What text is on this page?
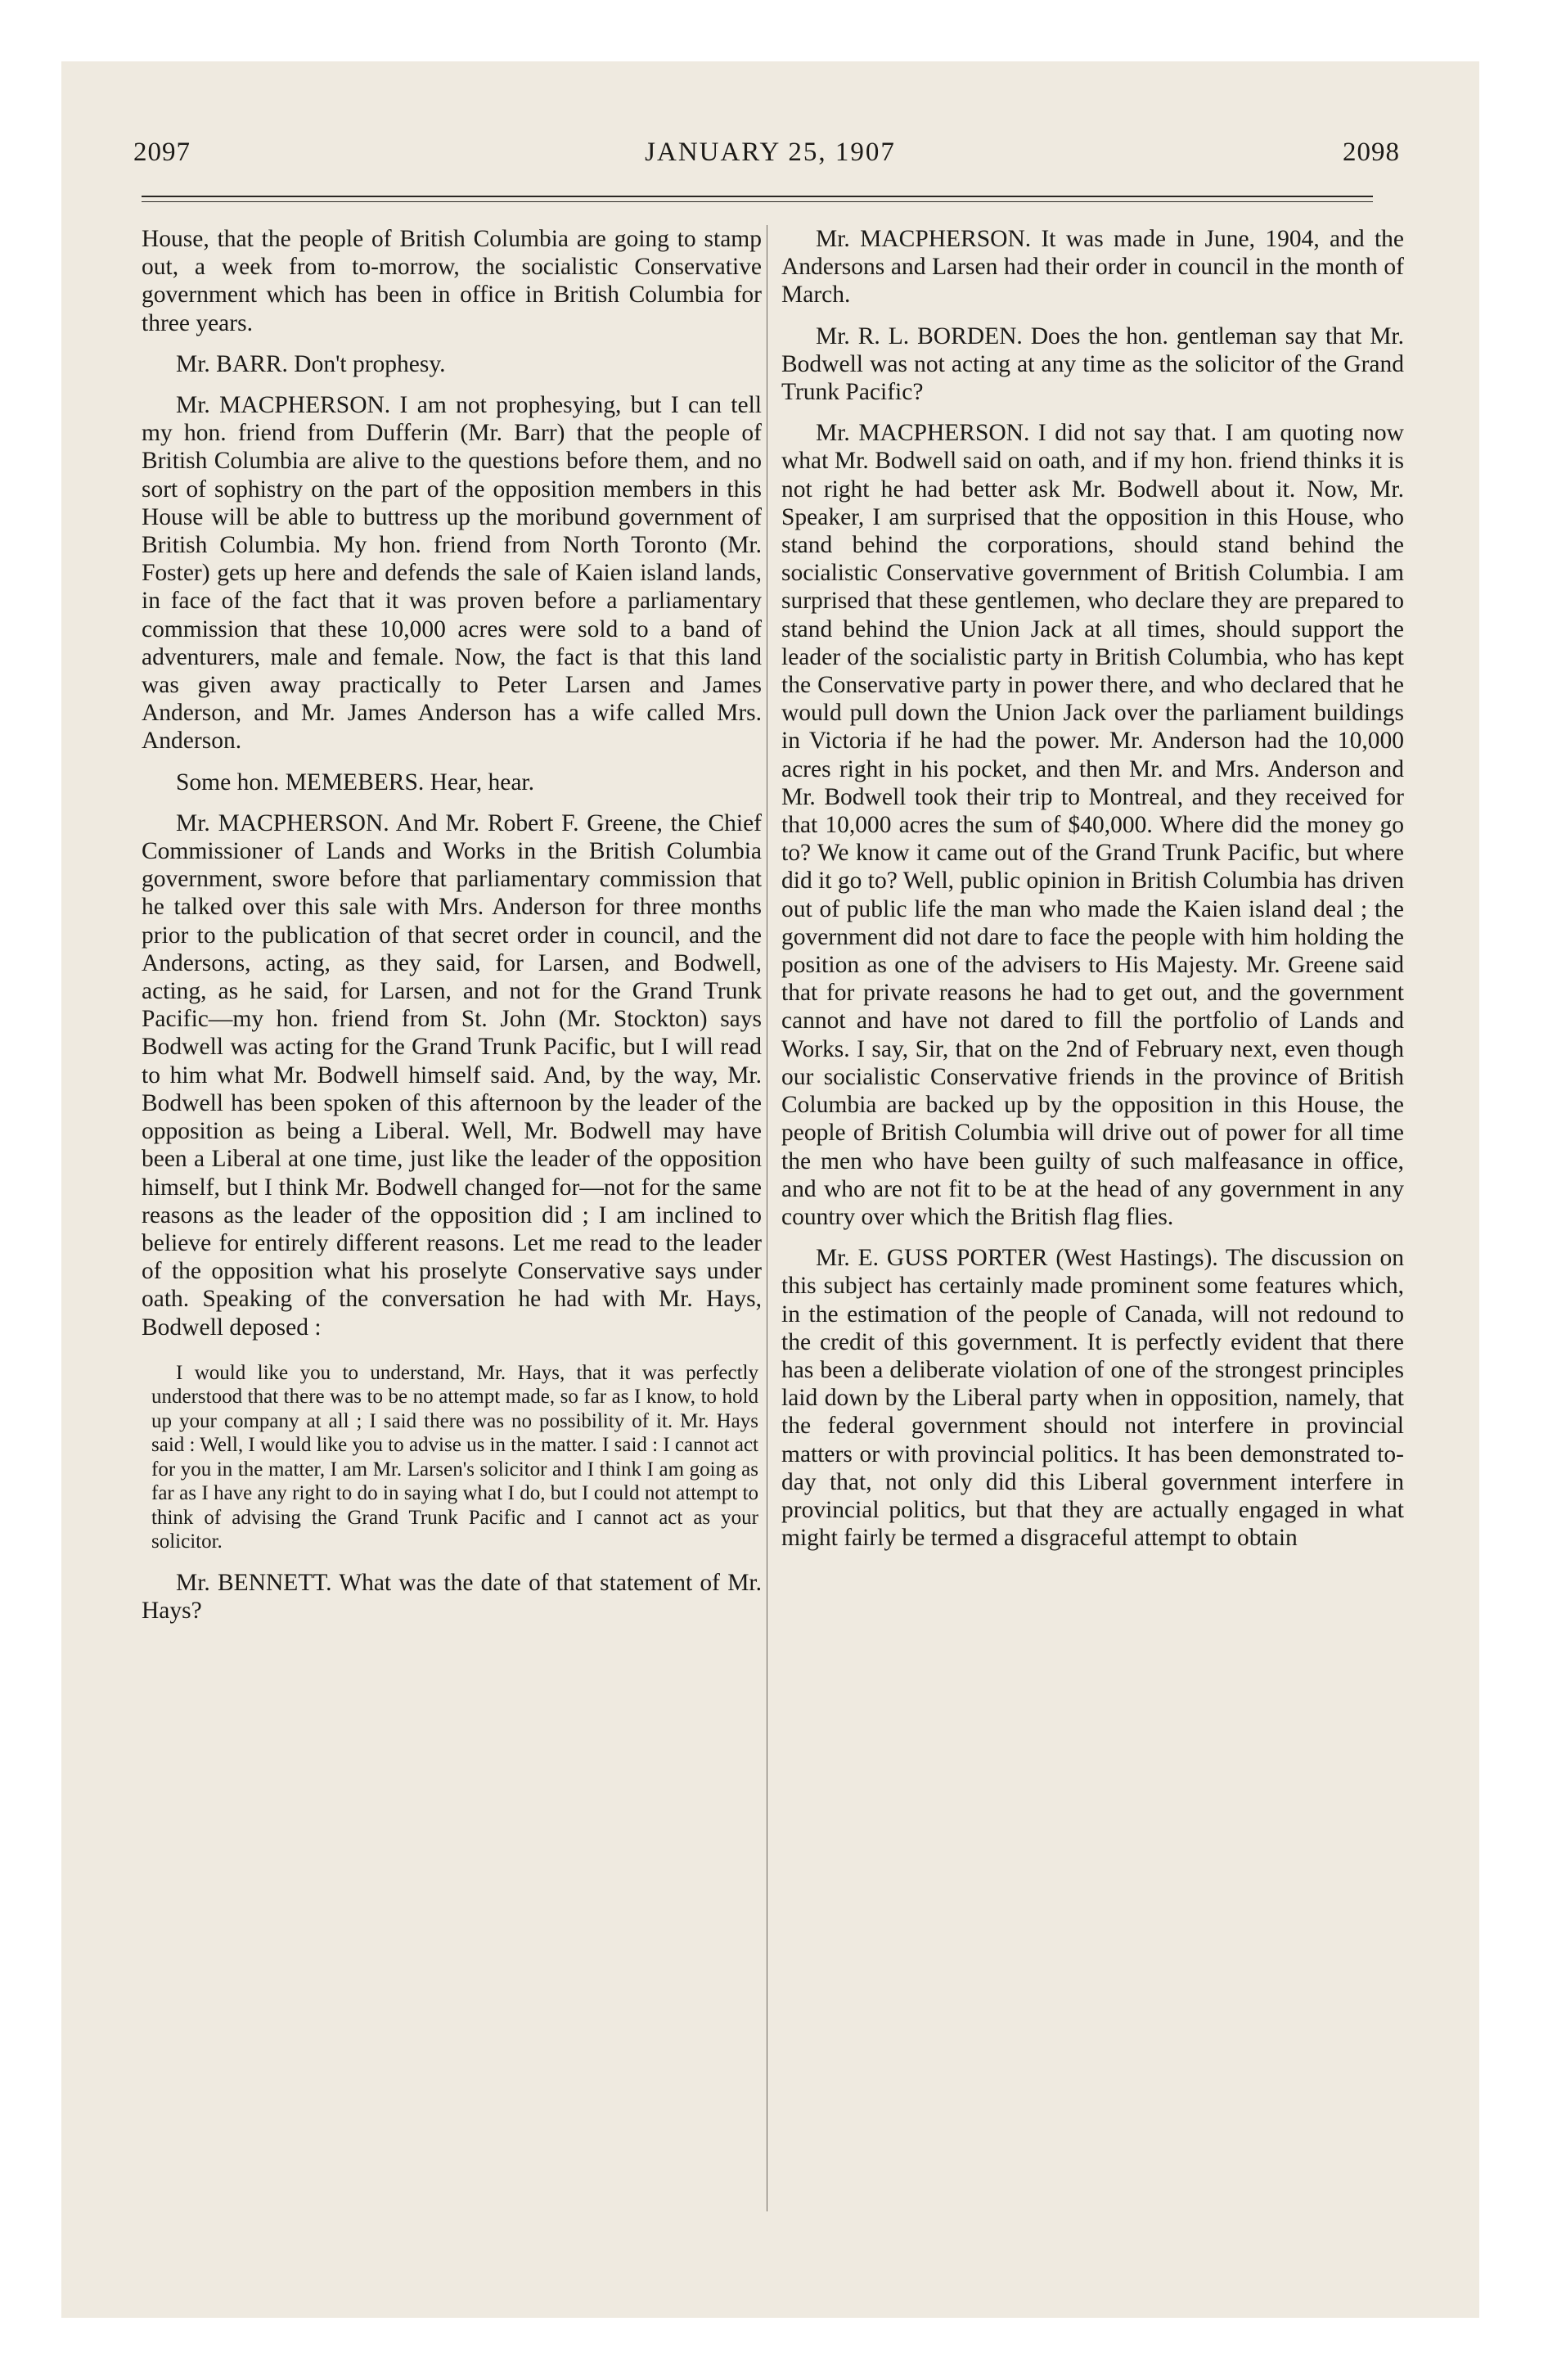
2097	JANUARY 25, 1907	2098

House, that the people of British Columbia are going to stamp out, a week from to-morrow, the socialistic Conservative government which has been in office in British Columbia for three years.

Mr. BARR. Don't prophesy.

Mr. MACPHERSON. I am not prophesying, but I can tell my hon. friend from Dufferin (Mr. Barr) that the people of British Columbia are alive to the questions before them, and no sort of sophistry on the part of the opposition members in this House will be able to buttress up the moribund government of British Columbia. My hon. friend from North Toronto (Mr. Foster) gets up here and defends the sale of Kaien island lands, in face of the fact that it was proven before a parliamentary commission that these 10,000 acres were sold to a band of adventurers, male and female. Now, the fact is that this land was given away practically to Peter Larsen and James Anderson, and Mr. James Anderson has a wife called Mrs. Anderson.

Some hon. MEMEBERS. Hear, hear.

Mr. MACPHERSON. And Mr. Robert F. Greene, the Chief Commissioner of Lands and Works in the British Columbia government, swore before that parliamentary commission that he talked over this sale with Mrs. Anderson for three months prior to the publication of that secret order in council, and the Andersons, acting, as they said, for Larsen, and Bodwell, acting, as he said, for Larsen, and not for the Grand Trunk Pacific—my hon. friend from St. John (Mr. Stockton) says Bodwell was acting for the Grand Trunk Pacific, but I will read to him what Mr. Bodwell himself said. And, by the way, Mr. Bodwell has been spoken of this afternoon by the leader of the opposition as being a Liberal. Well, Mr. Bodwell may have been a Liberal at one time, just like the leader of the opposition himself, but I think Mr. Bodwell changed for—not for the same reasons as the leader of the opposition did ; I am inclined to believe for entirely different reasons. Let me read to the leader of the opposition what his proselyte Conservative says under oath. Speaking of the conversation he had with Mr. Hays, Bodwell deposed :

I would like you to understand, Mr. Hays, that it was perfectly understood that there was to be no attempt made, so far as I know, to hold up your company at all ; I said there was no possibility of it. Mr. Hays said : Well, I would like you to advise us in the matter. I said : I cannot act for you in the matter, I am Mr. Larsen's solicitor and I think I am going as far as I have any right to do in saying what I do, but I could not attempt to think of advising the Grand Trunk Pacific and I cannot act as your solicitor.

Mr. BENNETT. What was the date of that statement of Mr. Hays?

Mr. MACPHERSON. It was made in June, 1904, and the Andersons and Larsen had their order in council in the month of March.

Mr. R. L. BORDEN. Does the hon. gentleman say that Mr. Bodwell was not acting at any time as the solicitor of the Grand Trunk Pacific?

Mr. MACPHERSON. I did not say that. I am quoting now what Mr. Bodwell said on oath, and if my hon. friend thinks it is not right he had better ask Mr. Bodwell about it. Now, Mr. Speaker, I am surprised that the opposition in this House, who stand behind the corporations, should stand behind the socialistic Conservative government of British Columbia. I am surprised that these gentlemen, who declare they are prepared to stand behind the Union Jack at all times, should support the leader of the socialistic party in British Columbia, who has kept the Conservative party in power there, and who declared that he would pull down the Union Jack over the parliament buildings in Victoria if he had the power. Mr. Anderson had the 10,000 acres right in his pocket, and then Mr. and Mrs. Anderson and Mr. Bodwell took their trip to Montreal, and they received for that 10,000 acres the sum of $40,000. Where did the money go to? We know it came out of the Grand Trunk Pacific, but where did it go to? Well, public opinion in British Columbia has driven out of public life the man who made the Kaien island deal ; the government did not dare to face the people with him holding the position as one of the advisers to His Majesty. Mr. Greene said that for private reasons he had to get out, and the government cannot and have not dared to fill the portfolio of Lands and Works. I say, Sir, that on the 2nd of February next, even though our socialistic Conservative friends in the province of British Columbia are backed up by the opposition in this House, the people of British Columbia will drive out of power for all time the men who have been guilty of such malfeasance in office, and who are not fit to be at the head of any government in any country over which the British flag flies.

Mr. E. GUSS PORTER (West Hastings). The discussion on this subject has certainly made prominent some features which, in the estimation of the people of Canada, will not redound to the credit of this government. It is perfectly evident that there has been a deliberate violation of one of the strongest principles laid down by the Liberal party when in opposition, namely, that the federal government should not interfere in provincial matters or with provincial politics. It has been demonstrated to-day that, not only did this Liberal government interfere in provincial politics, but that they are actually engaged in what might fairly be termed a disgraceful attempt to obtain
